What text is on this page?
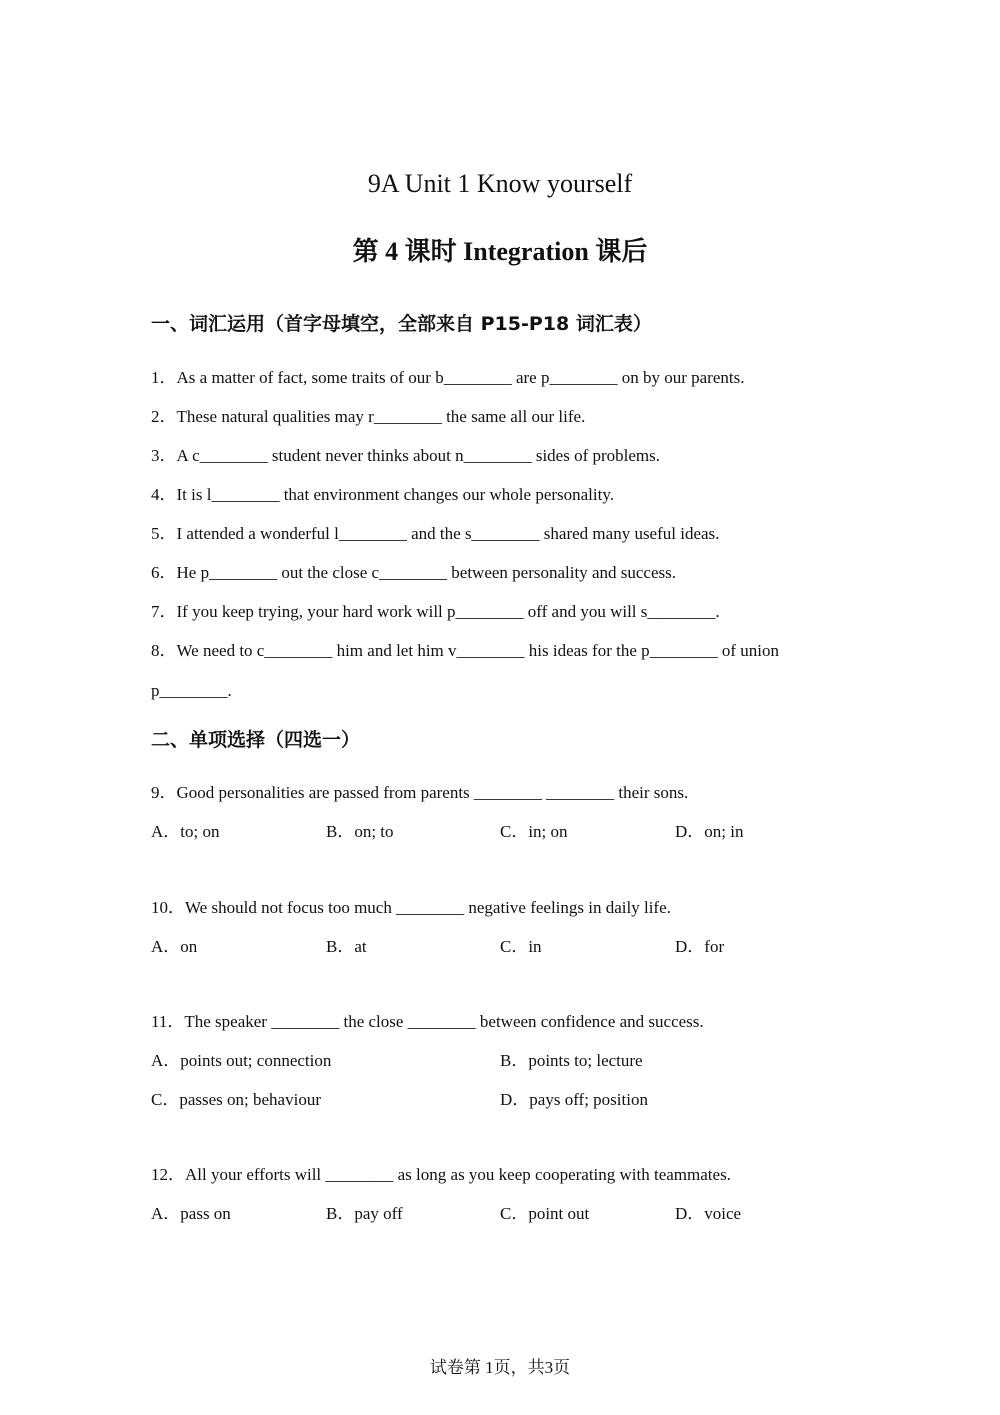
9A Unit 1 Know yourself
第 4 课时 Integration 课后
一、词汇运用（首字母填空，全部来自 P15-P18 词汇表）
1．As a matter of fact, some traits of our b________ are p________ on by our parents.
2．These natural qualities may r________ the same all our life.
3．A c________ student never thinks about n________ sides of problems.
4．It is l________ that environment changes our whole personality.
5．I attended a wonderful l________ and the s________ shared many useful ideas.
6．He p________ out the close c________ between personality and success.
7．If you keep trying, your hard work will p________ off and you will s________.
8．We need to c________ him and let him v________ his ideas for the p________ of union
p________.
二、单项选择（四选一）
9．Good personalities are passed from parents ________ ________ their sons.
A．to; on	B．on; to	C．in; on	D．on; in
10．We should not focus too much ________ negative feelings in daily life.
A．on	B．at	C．in	D．for
11．The speaker ________ the close ________ between confidence and success.
A．points out; connection	B．points to; lecture
C．passes on; behaviour	D．pays off; position
12．All your efforts will ________ as long as you keep cooperating with teammates.
A．pass on	B．pay off	C．point out	D．voice
试卷第 1页，共3页
